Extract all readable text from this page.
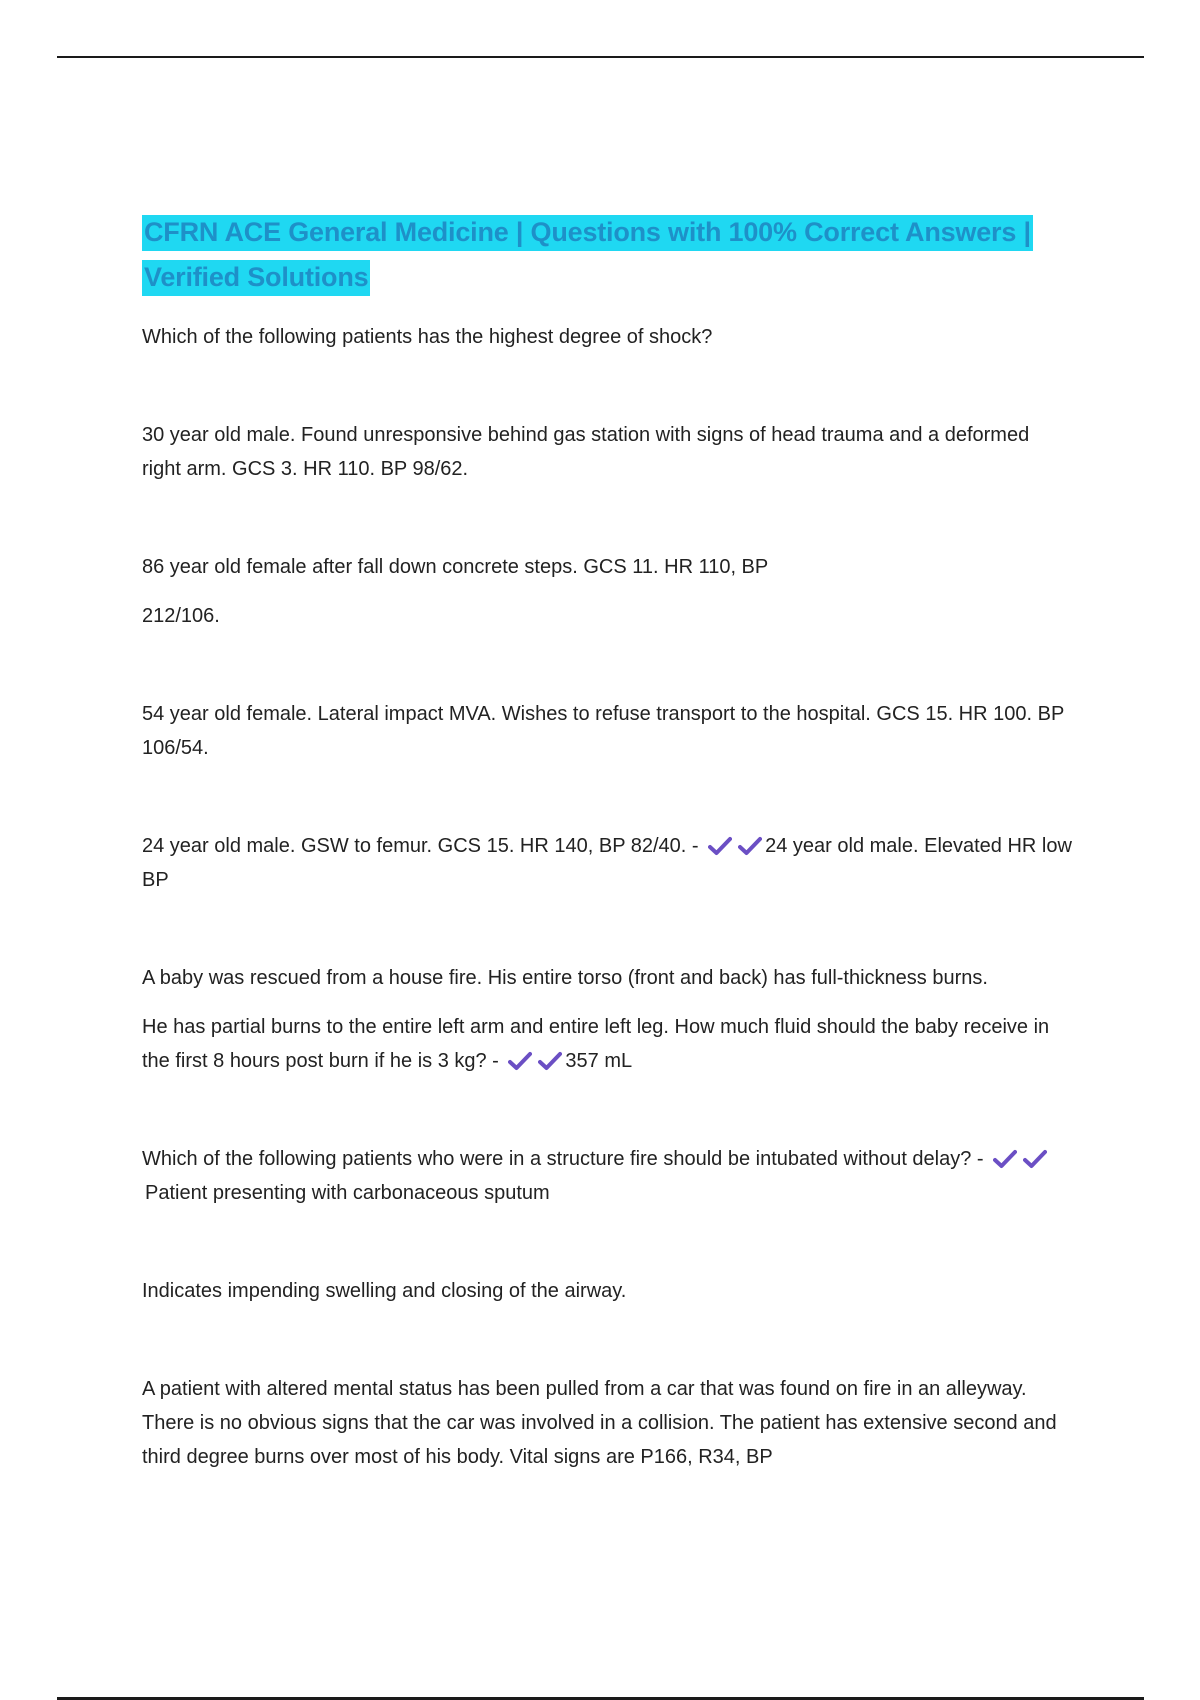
CFRN ACE General Medicine | Questions with 100% Correct Answers | Verified Solutions

Which of the following patients has the highest degree of shock?

30 year old male. Found unresponsive behind gas station with signs of head trauma and a deformed right arm. GCS 3. HR 110. BP 98/62.

86 year old female after fall down concrete steps. GCS 11. HR 110, BP

212/106.

54 year old female. Lateral impact MVA. Wishes to refuse transport to the hospital. GCS 15. HR 100. BP 106/54.

24 year old male. GSW to femur. GCS 15. HR 140, BP 82/40. -	24 year old male. Elevated HR low BP

A baby was rescued from a house fire. His entire torso (front and back) has full-thickness burns.

He has partial burns to the entire left arm and entire left leg. How much fluid should the baby receive in the first 8 hours post burn if he is 3 kg? -	357 mL

Which of the following patients who were in a structure fire should be intubated without delay? -
Patient presenting with carbonaceous sputum

Indicates impending swelling and closing of the airway.

A patient with altered mental status has been pulled from a car that was found on fire in an alleyway. There is no obvious signs that the car was involved in a collision. The patient has extensive second and third degree burns over most of his body. Vital signs are P166, R34, BP
